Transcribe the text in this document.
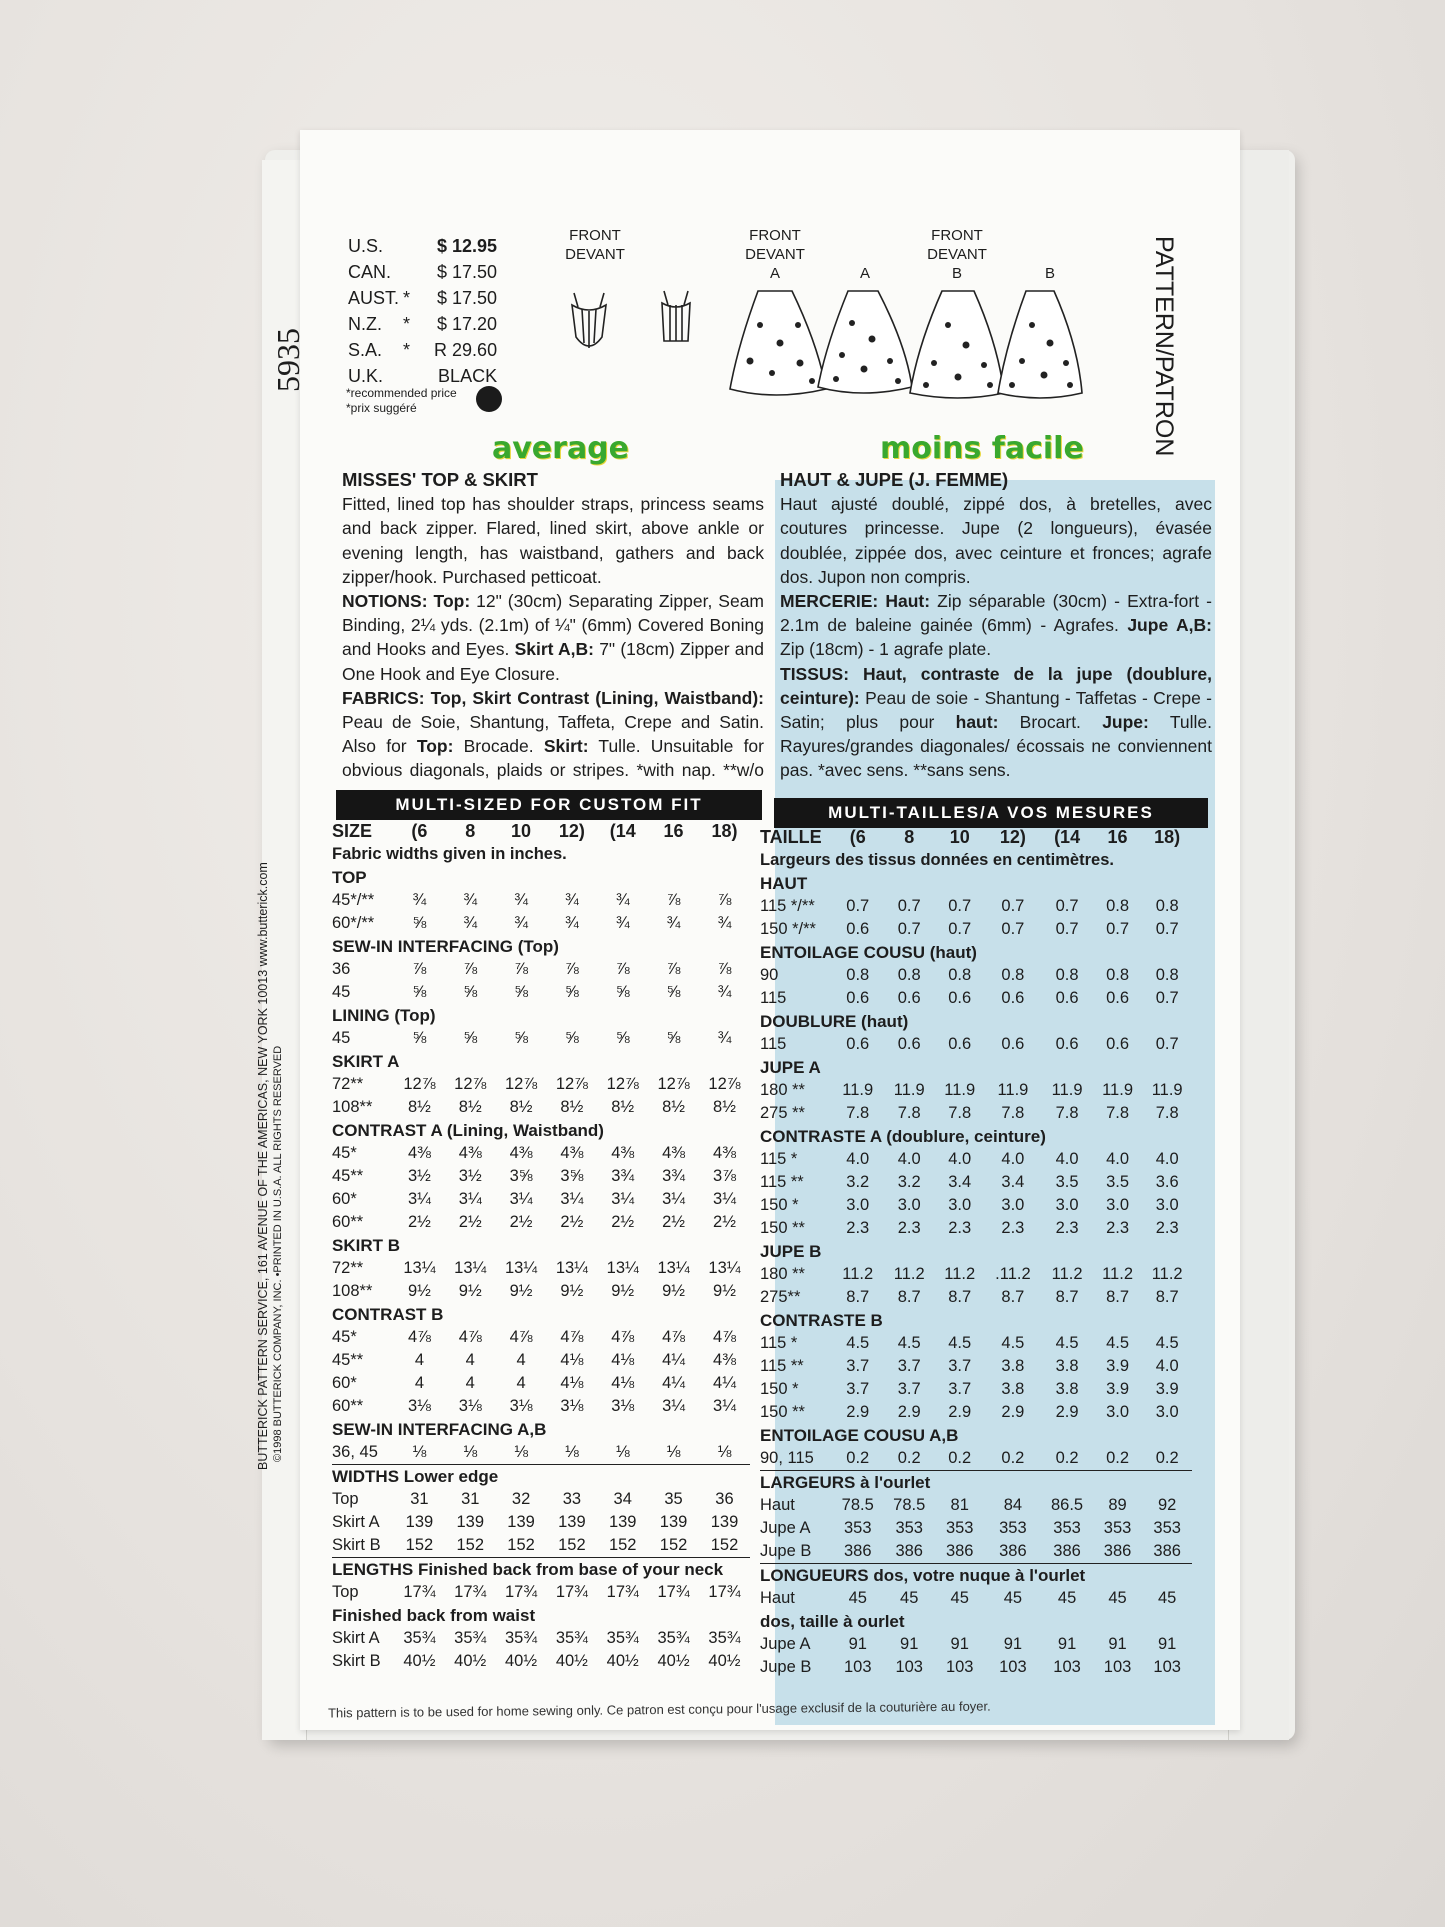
5935
BUTTERICK PATTERN SERVICE, 161 AVENUE OF THE AMERICAS, NEW YORK 10013 www.butterick.com ©1998 BUTTERICK COMPANY, INC. •PRINTED IN U.S.A. ALL RIGHTS RESERVED
PATTERN/PATRON
U.S.		$ 12.95
CAN.		$ 17.50
AUST.	*	$ 17.50
N.Z.	*	$ 17.20
S.A.	*	R 29.60
U.K.		BLACK
*recommended price
*prix suggéré
FRONT
DEVANT
FRONT
DEVANT
A	A
FRONT
DEVANT
B	B
average	moins facile
MISSES' TOP & SKIRT
Fitted, lined top has shoulder straps, princess seams and back zipper. Flared, lined skirt, above ankle or evening length, has waistband, gathers and back zipper/hook. Purchased petticoat.
NOTIONS: Top: 12" (30cm) Separating Zipper, Seam Binding, 2¼ yds. (2.1m) of ¼" (6mm) Covered Boning and Hooks and Eyes. Skirt A,B: 7" (18cm) Zipper and One Hook and Eye Closure.
FABRICS: Top, Skirt Contrast (Lining, Waistband): Peau de Soie, Shantung, Taffeta, Crepe and Satin. Also for Top: Brocade. Skirt: Tulle. Unsuitable for obvious diagonals, plaids or stripes. *with nap. **w/o
HAUT & JUPE (J. FEMME)
Haut ajusté doublé, zippé dos, à bretelles, avec coutures princesse. Jupe (2 longueurs), évasée doublée, zippée dos, avec ceinture et fronces; agrafe dos. Jupon non compris.
MERCERIE: Haut: Zip séparable (30cm) - Extra-fort - 2.1m de baleine gainée (6mm) - Agrafes. Jupe A,B: Zip (18cm) - 1 agrafe plate.
TISSUS: Haut, contraste de la jupe (doublure, ceinture): Peau de soie - Shantung - Taffetas - Crepe - Satin; plus pour haut: Brocart. Jupe: Tulle. Rayures/grandes diagonales/ écossais ne conviennent pas. *avec sens. **sans sens.
MULTI-SIZED FOR CUSTOM FIT	MULTI-TAILLES/A VOS MESURES
SIZE	(6	8	10	12)	(14	16	18)
Fabric widths given in inches.							
TOP							
45*/**	¾	¾	¾	¾	¾	⅞	⅞
60*/**	⅝	¾	¾	¾	¾	¾	¾
SEW-IN INTERFACING (Top)							
36	⅞	⅞	⅞	⅞	⅞	⅞	⅞
45	⅝	⅝	⅝	⅝	⅝	⅝	¾
LINING (Top)							
45	⅝	⅝	⅝	⅝	⅝	⅝	¾
SKIRT A							
72**	12⅞	12⅞	12⅞	12⅞	12⅞	12⅞	12⅞
108**	8½	8½	8½	8½	8½	8½	8½
CONTRAST A (Lining, Waistband)							
45*	4⅜	4⅜	4⅜	4⅜	4⅜	4⅜	4⅜
45**	3½	3½	3⅝	3⅝	3¾	3¾	3⅞
60*	3¼	3¼	3¼	3¼	3¼	3¼	3¼
60**	2½	2½	2½	2½	2½	2½	2½
SKIRT B							
72**	13¼	13¼	13¼	13¼	13¼	13¼	13¼
108**	9½	9½	9½	9½	9½	9½	9½
CONTRAST B							
45*	4⅞	4⅞	4⅞	4⅞	4⅞	4⅞	4⅞
45**	4	4	4	4⅛	4⅛	4¼	4⅜
60*	4	4	4	4⅛	4⅛	4¼	4¼
60**	3⅛	3⅛	3⅛	3⅛	3⅛	3¼	3¼
SEW-IN INTERFACING A,B							
36, 45	⅛	⅛	⅛	⅛	⅛	⅛	⅛
WIDTHS Lower edge							
Top	31	31	32	33	34	35	36
Skirt A	139	139	139	139	139	139	139
Skirt B	152	152	152	152	152	152	152
LENGTHS Finished back from base of your neck							
Top	17¾	17¾	17¾	17¾	17¾	17¾	17¾
Finished back from waist							
Skirt A	35¾	35¾	35¾	35¾	35¾	35¾	35¾
Skirt B	40½	40½	40½	40½	40½	40½	40½
TAILLE	(6	8	10	12)	(14	16	18)
Largeurs des tissus données en centimètres.							
HAUT							
115 */**	0.7	0.7	0.7	0.7	0.7	0.8	0.8
150 */**	0.6	0.7	0.7	0.7	0.7	0.7	0.7
ENTOILAGE COUSU (haut)							
90	0.8	0.8	0.8	0.8	0.8	0.8	0.8
115	0.6	0.6	0.6	0.6	0.6	0.6	0.7
DOUBLURE (haut)							
115	0.6	0.6	0.6	0.6	0.6	0.6	0.7
JUPE A							
180 **	11.9	11.9	11.9	11.9	11.9	11.9	11.9
275 **	7.8	7.8	7.8	7.8	7.8	7.8	7.8
CONTRASTE A (doublure, ceinture)							
115 *	4.0	4.0	4.0	4.0	4.0	4.0	4.0
115 **	3.2	3.2	3.4	3.4	3.5	3.5	3.6
150 *	3.0	3.0	3.0	3.0	3.0	3.0	3.0
150 **	2.3	2.3	2.3	2.3	2.3	2.3	2.3
JUPE B							
180 **	11.2	11.2	11.2	.11.2	11.2	11.2	11.2
275**	8.7	8.7	8.7	8.7	8.7	8.7	8.7
CONTRASTE B							
115 *	4.5	4.5	4.5	4.5	4.5	4.5	4.5
115 **	3.7	3.7	3.7	3.8	3.8	3.9	4.0
150 *	3.7	3.7	3.7	3.8	3.8	3.9	3.9
150 **	2.9	2.9	2.9	2.9	2.9	3.0	3.0
ENTOILAGE COUSU A,B							
90, 115	0.2	0.2	0.2	0.2	0.2	0.2	0.2
LARGEURS à l'ourlet							
Haut	78.5	78.5	81	84	86.5	89	92
Jupe A	353	353	353	353	353	353	353
Jupe B	386	386	386	386	386	386	386
LONGUEURS dos, votre nuque à l'ourlet							
Haut	45	45	45	45	45	45	45
dos, taille à ourlet							
Jupe A	91	91	91	91	91	91	91
Jupe B	103	103	103	103	103	103	103
This pattern is to be used for home sewing only. Ce patron est conçu pour l'usage exclusif de la couturière au foyer.
